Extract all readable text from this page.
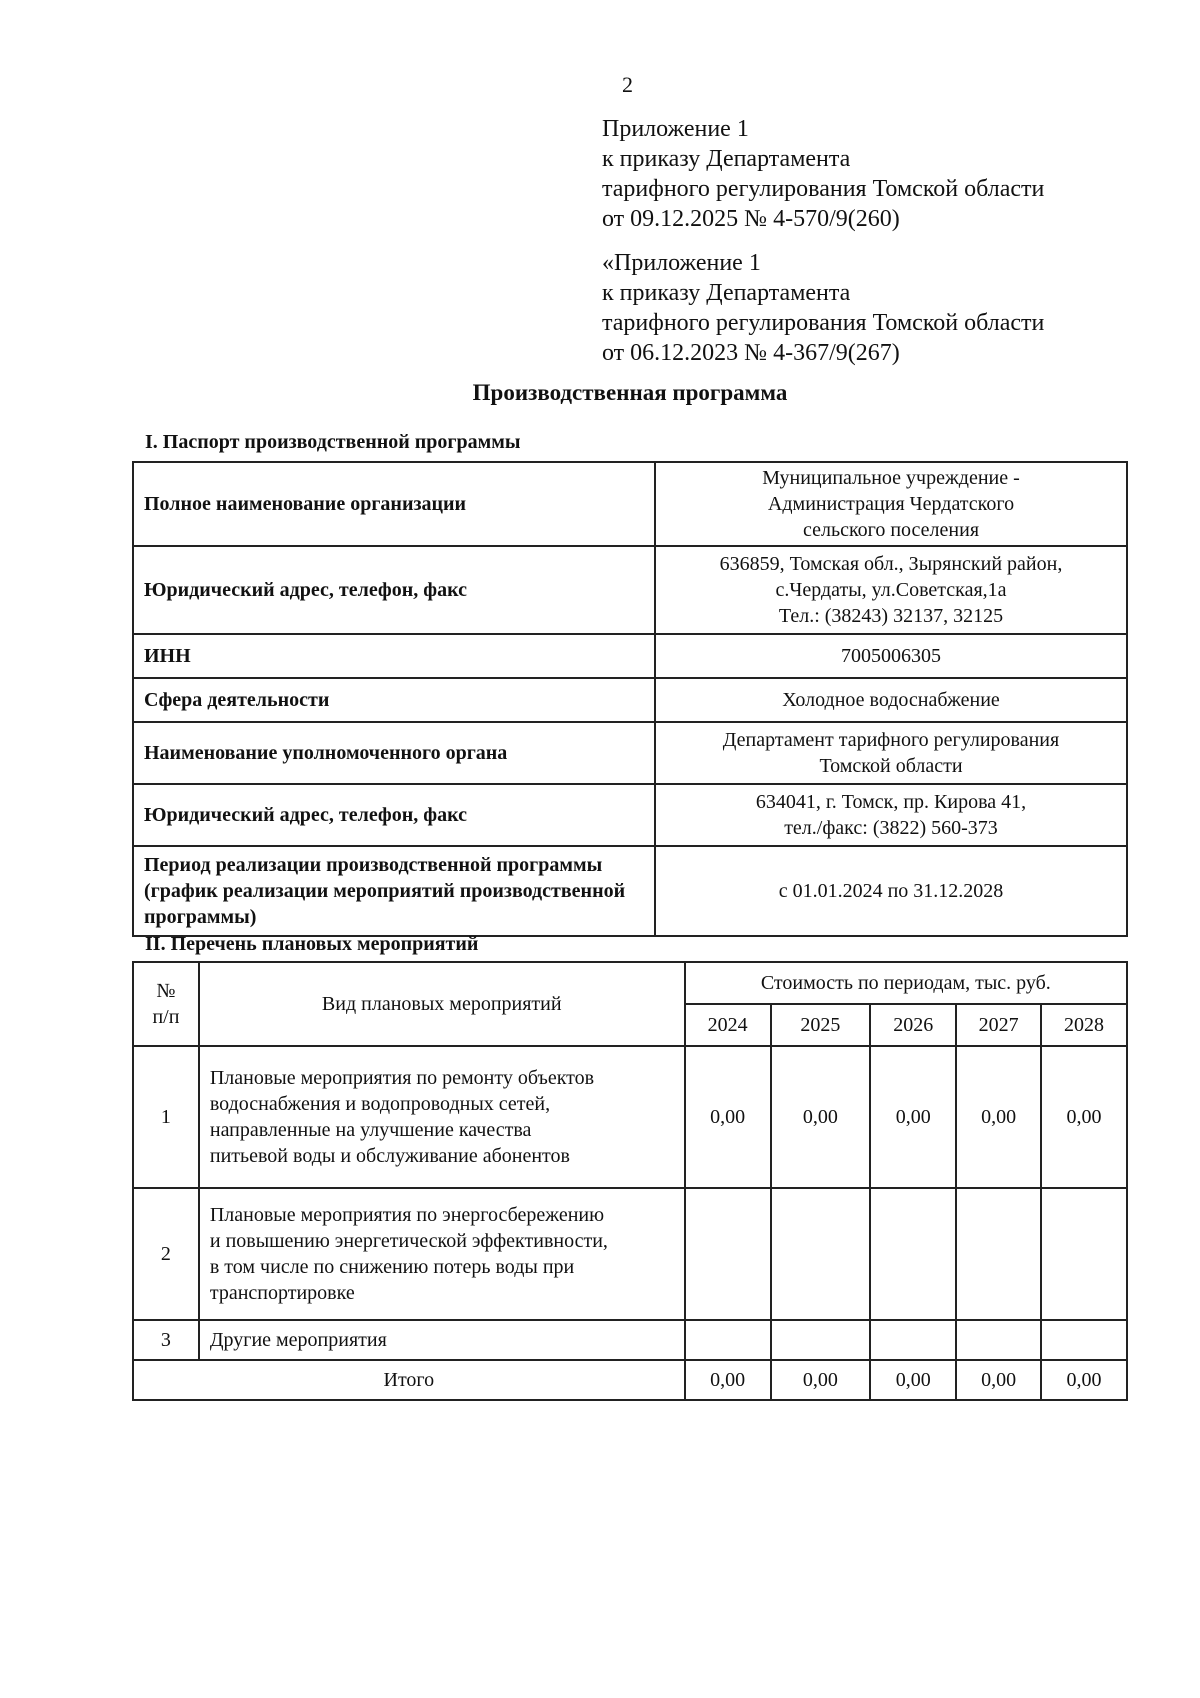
2
Приложение 1
к приказу Департамента
тарифного регулирования Томской области
от 09.12.2025 № 4-570/9(260)
«Приложение 1
к приказу Департамента
тарифного регулирования Томской области
от 06.12.2023 № 4-367/9(267)
Производственная программа
I. Паспорт производственной программы
Полное наименование организации	Муниципальное учреждение -
Администрация Чердатского
сельского поселения

Юридический адрес, телефон, факс	636859, Томская обл., Зырянский район,
с.Чердаты, ул.Советская,1а
Тел.: (38243) 32137, 32125

ИНН	7005006305

Сфера деятельности	Холодное водоснабжение

Наименование уполномоченного органа	Департамент тарифного регулирования
Томской области

Юридический адрес, телефон, факс	634041, г. Томск, пр. Кирова 41,
тел./факс: (3822) 560-373

Период реализации производственной программы (график реализации мероприятий производственной программы)	с 01.01.2024 по 31.12.2028
II. Перечень плановых мероприятий
№
п/п	Вид плановых мероприятий	Стоимость по периодам, тыс. руб.				
		2024	2025	2026	2027	2028
1	Плановые мероприятия по ремонту объектов
водоснабжения и водопроводных сетей,
направленные на улучшение качества
питьевой воды и обслуживание абонентов	0,00	0,00	0,00	0,00	0,00
2	Плановые мероприятия по энергосбережению
и повышению энергетической эффективности,
в том числе по снижению потерь воды при
транспортировке					

3	Другие мероприятия					

Итого		0,00	0,00	0,00	0,00	0,00
